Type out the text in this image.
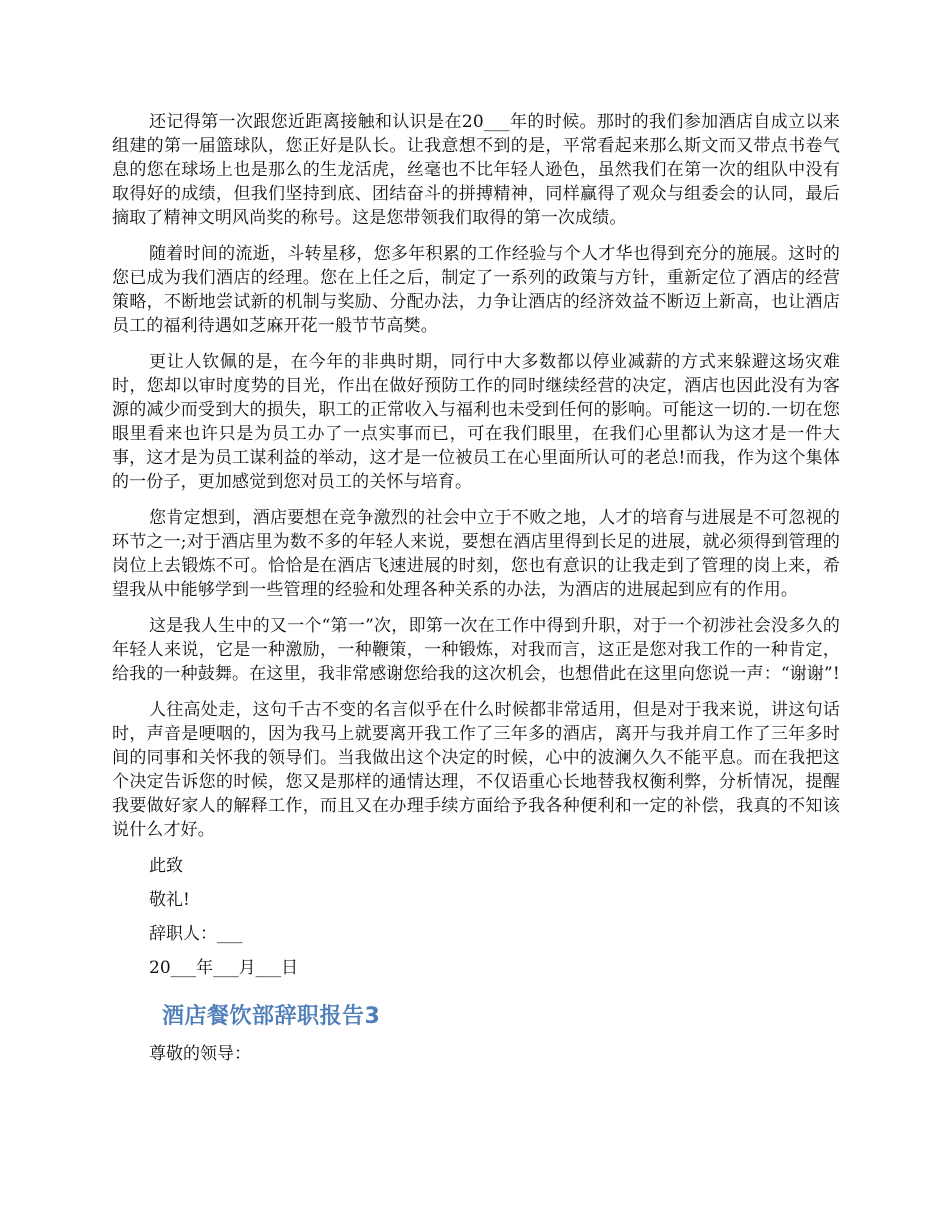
还记得第一次跟您近距离接触和认识是在20___年的时候。那时的我们参加酒店自成立以来组建的第一届篮球队，您正好是队长。让我意想不到的是，平常看起来那么斯文而又带点书卷气息的您在球场上也是那么的生龙活虎，丝毫也不比年轻人逊色，虽然我们在第一次的组队中没有取得好的成绩，但我们坚持到底、团结奋斗的拼搏精神，同样赢得了观众与组委会的认同，最后摘取了精神文明风尚奖的称号。这是您带领我们取得的第一次成绩。

随着时间的流逝，斗转星移，您多年积累的工作经验与个人才华也得到充分的施展。这时的您已成为我们酒店的经理。您在上任之后，制定了一系列的政策与方针，重新定位了酒店的经营策略，不断地尝试新的机制与奖励、分配办法，力争让酒店的经济效益不断迈上新高，也让酒店员工的福利待遇如芝麻开花一般节节高樊。

更让人钦佩的是，在今年的非典时期，同行中大多数都以停业减薪的方式来躲避这场灾难时，您却以审时度势的目光，作出在做好预防工作的同时继续经营的决定，酒店也因此没有为客源的减少而受到大的损失，职工的正常收入与福利也未受到任何的影响。可能这一切的.一切在您眼里看来也许只是为员工办了一点实事而已，可在我们眼里，在我们心里都认为这才是一件大事，这才是为员工谋利益的举动，这才是一位被员工在心里面所认可的老总!而我，作为这个集体的一份子，更加感觉到您对员工的关怀与培育。

您肯定想到，酒店要想在竞争激烈的社会中立于不败之地，人才的培育与进展是不可忽视的环节之一;对于酒店里为数不多的年轻人来说，要想在酒店里得到长足的进展，就必须得到管理的岗位上去锻炼不可。恰恰是在酒店飞速进展的时刻，您也有意识的让我走到了管理的岗上来，希望我从中能够学到一些管理的经验和处理各种关系的办法，为酒店的进展起到应有的作用。

这是我人生中的又一个“第一”次，即第一次在工作中得到升职，对于一个初涉社会没多久的年轻人来说，它是一种激励，一种鞭策，一种锻炼，对我而言，这正是您对我工作的一种肯定，给我的一种鼓舞。在这里，我非常感谢您给我的这次机会，也想借此在这里向您说一声：“谢谢”!

人往高处走，这句千古不变的名言似乎在什么时候都非常适用，但是对于我来说，讲这句话时，声音是哽咽的，因为我马上就要离开我工作了三年多的酒店，离开与我并肩工作了三年多时间的同事和关怀我的领导们。当我做出这个决定的时候，心中的波澜久久不能平息。而在我把这个决定告诉您的时候，您又是那样的通情达理，不仅语重心长地替我权衡利弊，分析情况，提醒我要做好家人的解释工作，而且又在办理手续方面给予我各种便利和一定的补偿，我真的不知该说什么才好。

此致

敬礼!

辞职人：___

20___年___月___日

酒店餐饮部辞职报告3

尊敬的领导：
